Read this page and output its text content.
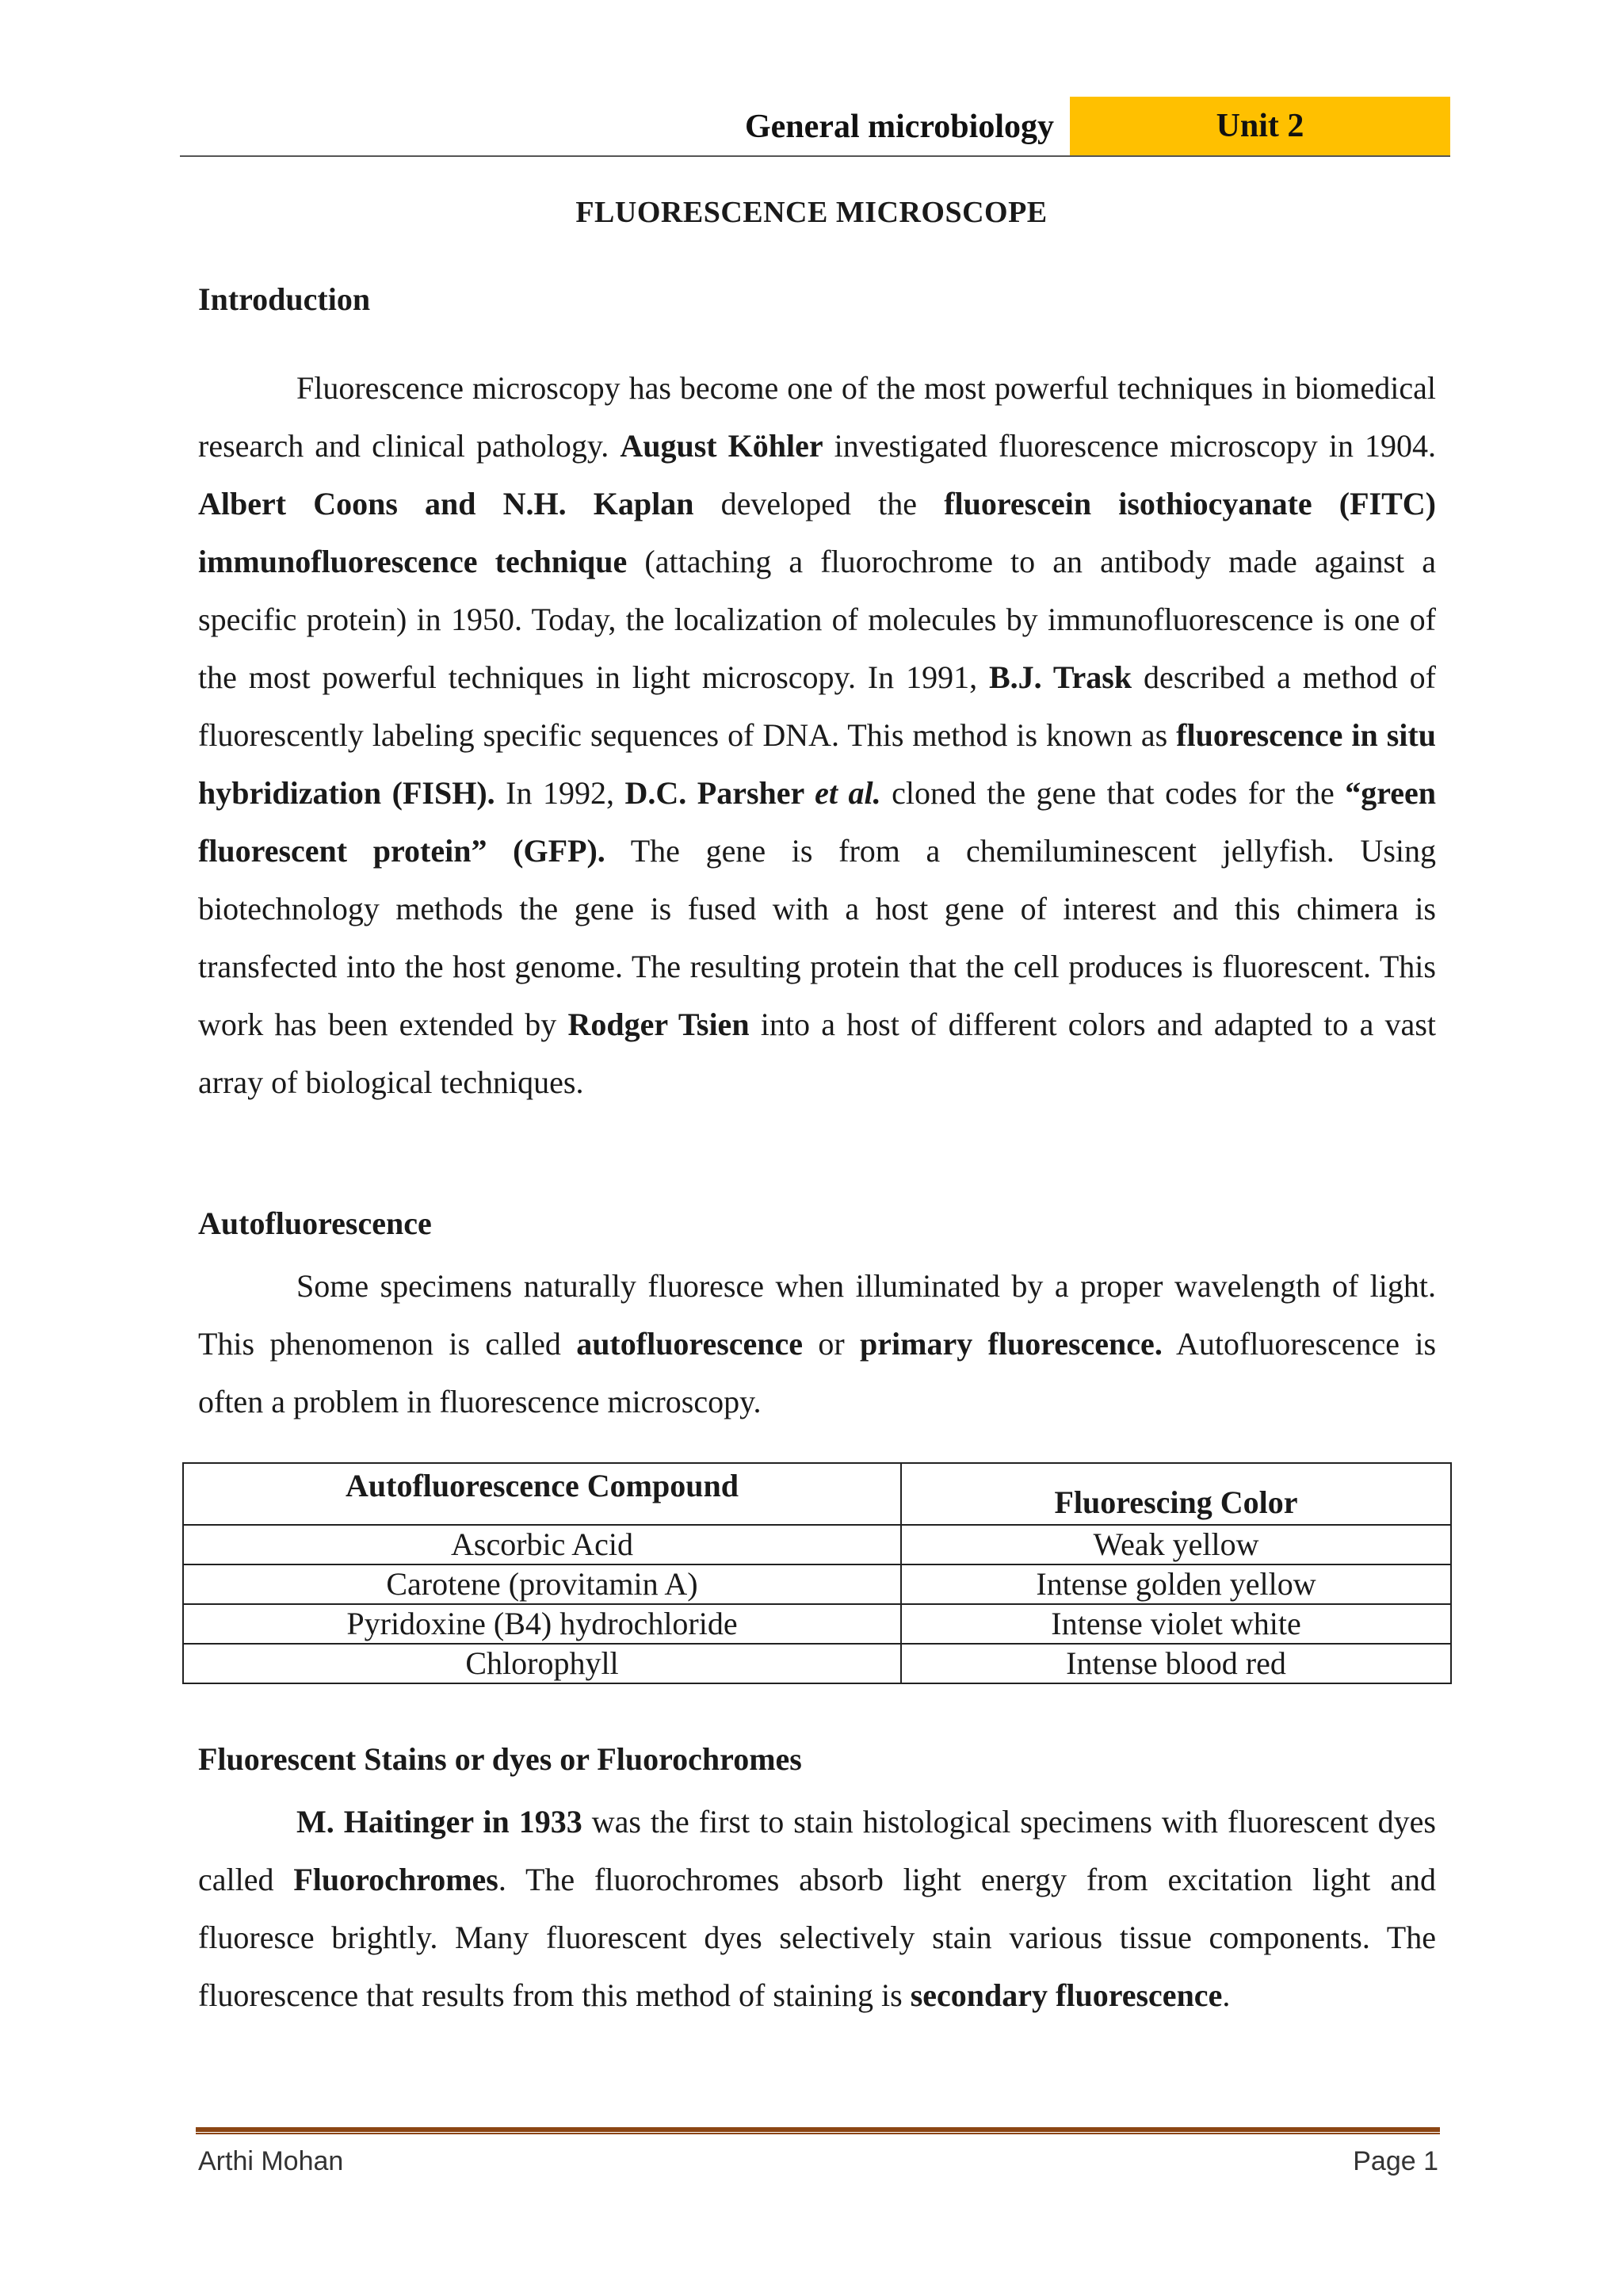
General microbiology	Unit 2
FLUORESCENCE MICROSCOPE
Introduction
Fluorescence microscopy has become one of the most powerful techniques in biomedical research and clinical pathology. August Köhler investigated fluorescence microscopy in 1904. Albert Coons and N.H. Kaplan developed the fluorescein isothiocyanate (FITC) immunofluorescence technique (attaching a fluorochrome to an antibody made against a specific protein) in 1950. Today, the localization of molecules by immunofluorescence is one of the most powerful techniques in light microscopy. In 1991, B.J. Trask described a method of fluorescently labeling specific sequences of DNA. This method is known as fluorescence in situ hybridization (FISH). In 1992, D.C. Parsher et al. cloned the gene that codes for the “green fluorescent protein” (GFP). The gene is from a chemiluminescent jellyfish. Using biotechnology methods the gene is fused with a host gene of interest and this chimera is transfected into the host genome. The resulting protein that the cell produces is fluorescent. This work has been extended by Rodger Tsien into a host of different colors and adapted to a vast array of biological techniques.
Autofluorescence
Some specimens naturally fluoresce when illuminated by a proper wavelength of light. This phenomenon is called autofluorescence or primary fluorescence. Autofluorescence is often a problem in fluorescence microscopy.
Autofluorescence Compound	Fluorescing Color
Ascorbic Acid	Weak yellow
Carotene (provitamin A)	Intense golden yellow
Pyridoxine (B4) hydrochloride	Intense violet white
Chlorophyll	Intense blood red
Fluorescent Stains or dyes or Fluorochromes
M. Haitinger in 1933 was the first to stain histological specimens with fluorescent dyes called Fluorochromes. The fluorochromes absorb light energy from excitation light and fluoresce brightly. Many fluorescent dyes selectively stain various tissue components. The fluorescence that results from this method of staining is secondary fluorescence.
Arthi Mohan	Page 1
